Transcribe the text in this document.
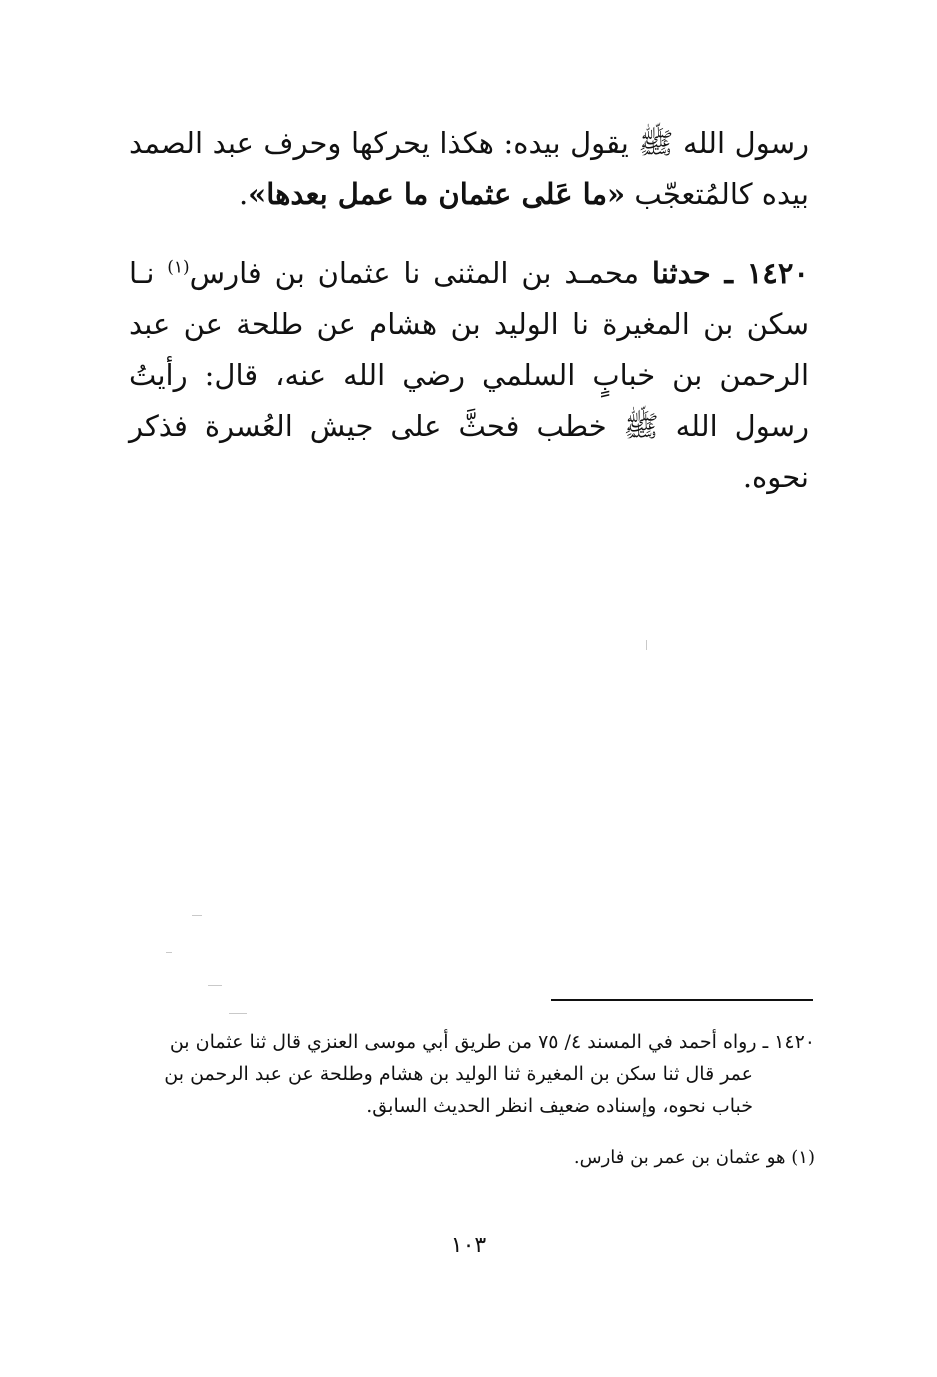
رسول الله ﷺ يقول بيده: هكذا يحركها وحرف عبد الصمد بيده كالمُتعجّب «ما عَلى عثمان ما عمل بعدها».

١٤٢٠ ـ حدثنا محمـد بن المثنى نا عثمان بن فارس$^{(١)}$ نـا سكن بن المغيرة نا الوليد بن هشام عن طلحة عن عبد الرحمن بن خبابٍ السلمي رضي الله عنه، قال: رأيتُ رسول الله ﷺ خطب فحثَّ على جيش العُسرة فذكر نحوه.

١٤٢٠ ـ رواه أحمد في المسند ٤/ ٧٥ من طريق أبي موسى العنزي قال ثنا عثمان بن
عمر قال ثنا سكن بن المغيرة ثنا الوليد بن هشام وطلحة عن عبد الرحمن بن خباب نحوه، وإسناده ضعيف انظر الحديث السابق.

(١) هو عثمان بن عمر بن فارس.

١٠٣
